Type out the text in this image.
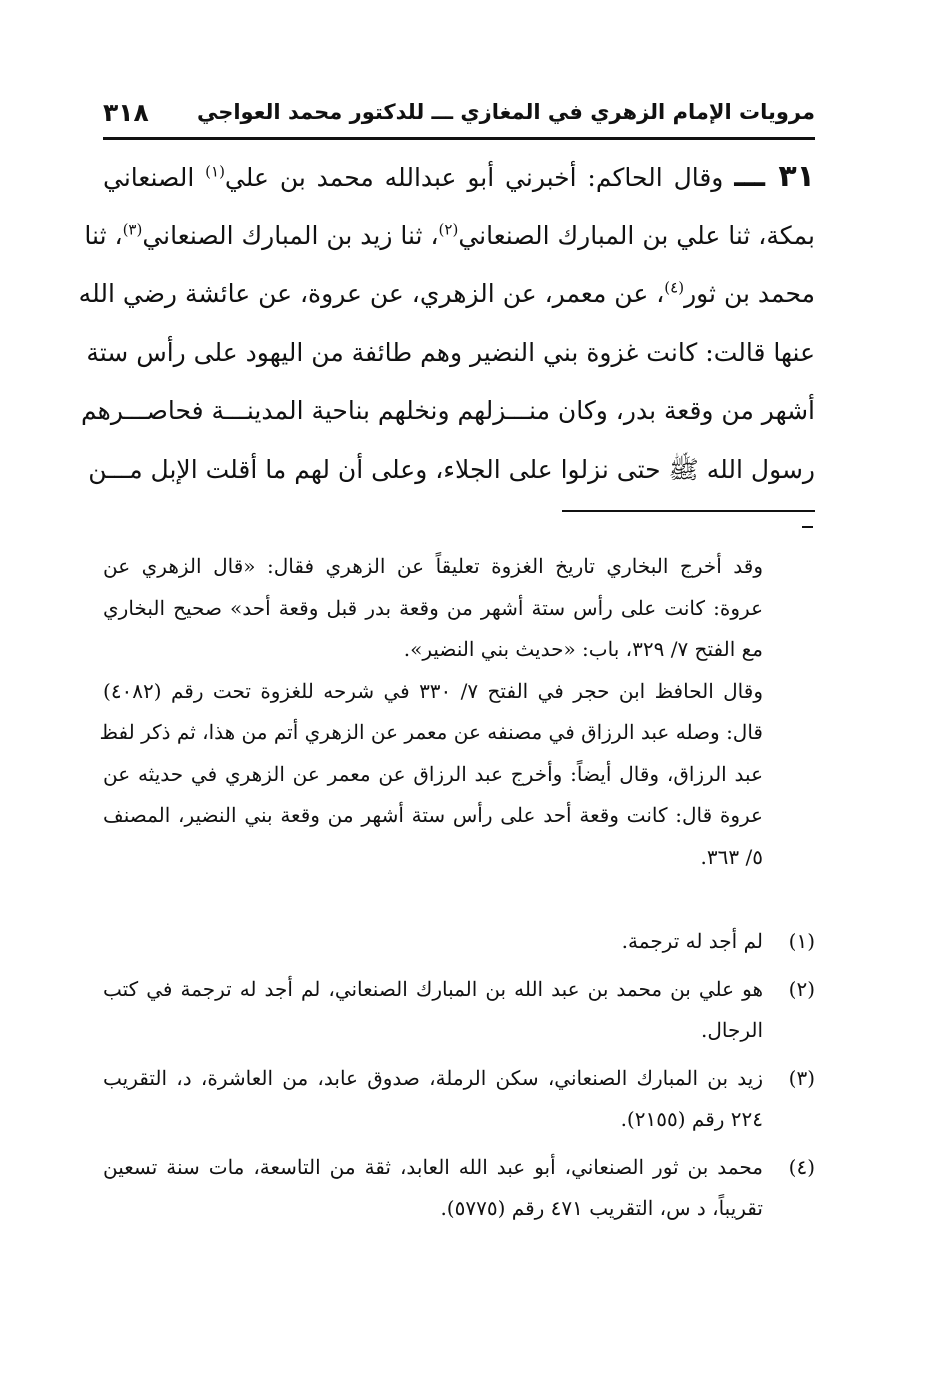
مرويات الإمام الزهري في المغازي ـــ للدكتور محمد العواجي
٣١٨
٣١ ـــ وقال الحاكم: أخبرني أبو عبدالله محمد بن علي$^{(١)}$ الصنعاني
بمكة، ثنا علي بن المبارك الصنعاني$^{(٢)}$، ثنا زيد بن المبارك الصنعاني$^{(٣)}$، ثنا
محمد بن ثور$^{(٤)}$، عن معمر، عن الزهري، عن عروة، عن عائشة رضي الله
عنها قالت: كانت غزوة بني النضير وهم طائفة من اليهود على رأس ستة
أشهر من وقعة بدر، وكان منـــزلهم ونخلهم بناحية المدينـــة فحاصـــرهم
رسول الله ﷺ حتى نزلوا على الجلاء، وعلى أن لهم ما أقلت الإبل مـــن
وقد أخرج البخاري تاريخ الغزوة تعليقاً عن الزهري فقال: «قال الزهري عن
عروة: كانت على رأس ستة أشهر من وقعة بدر قبل وقعة أحد» صحيح البخاري
مع الفتح ٧/ ٣٢٩، باب: «حديث بني النضير».
وقال الحافظ ابن حجر في الفتح ٧/ ٣٣٠ في شرحه للغزوة تحت رقم (٤٠٨٢)
قال: وصله عبد الرزاق في مصنفه عن معمر عن الزهري أتم من هذا، ثم ذكر لفظ
عبد الرزاق، وقال أيضاً: وأخرج عبد الرزاق عن معمر عن الزهري في حديثه عن
عروة قال: كانت وقعة أحد على رأس ستة أشهر من وقعة بني النضير، المصنف
٥/ ٣٦٣.
(١)
لم أجد له ترجمة.
(٢)
هو علي بن محمد بن عبد الله بن المبارك الصنعاني، لم أجد له ترجمة في كتب
الرجال.
(٣)
زيد بن المبارك الصنعاني، سكن الرملة، صدوق عابد، من العاشرة، د، التقريب
٢٢٤ رقم (٢١٥٥).
(٤)
محمد بن ثور الصنعاني، أبو عبد الله العابد، ثقة من التاسعة، مات سنة تسعين
تقريباً، د س، التقريب ٤٧١ رقم (٥٧٧٥).
